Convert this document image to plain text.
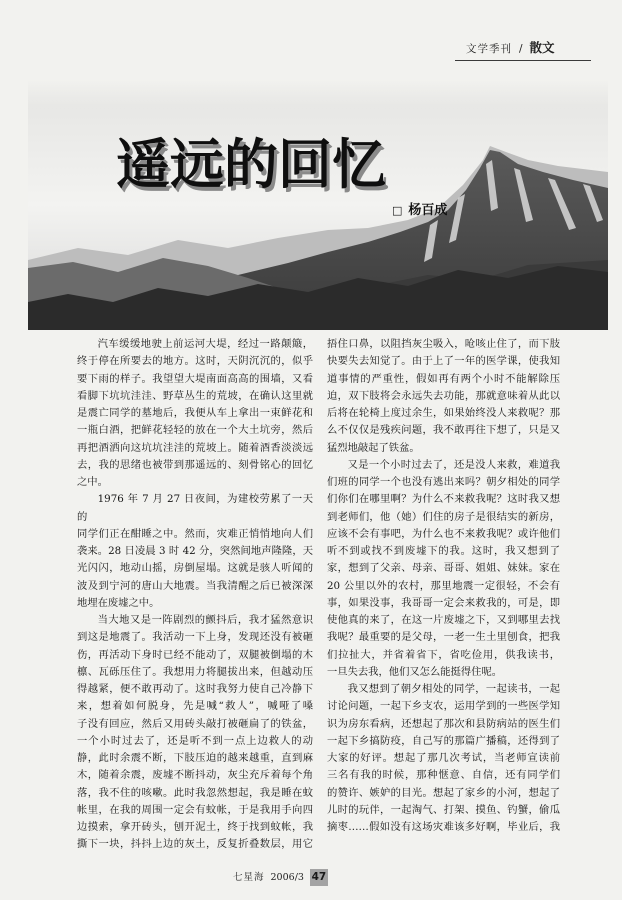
文学季刊 / 散文
遥远的回忆
□ 杨百成
汽车缓缓地驶上前运河大堤，经过一路颠簸，
终于停在所要去的地方。这时，天阴沉沉的，似乎
要下雨的样子。我望望大堤南面高高的围墙，又看
看脚下坑坑洼洼、野草丛生的荒坡，在确认这里就
是震亡同学的墓地后，我便从车上拿出一束鲜花和
一瓶白酒，把鲜花轻轻的放在一个大土坑旁，然后
再把酒洒向这坑坑洼洼的荒坡上。随着酒香淡淡远
去，我的思绪也被带到那遥远的、刻骨铭心的回忆
之中。
1976 年 7 月 27 日夜间，为建校劳累了一天的
同学们正在酣睡之中。然而，灾难正悄悄地向人们
袭来。28 日凌晨 3 时 42 分，突然间地声隆隆，天
光闪闪，地动山摇，房倒屋塌。这就是骇人听闻的
波及到宁河的唐山大地震。当我清醒之后已被深深
地埋在废墟之中。
当大地又是一阵剧烈的颤抖后，我才猛然意识
到这是地震了。我活动一下上身，发现还没有被砸
伤，再活动下身时已经不能动了，双腿被倒塌的木
檩、瓦砾压住了。我想用力将腿拔出来，但越动压
得越紧，便不敢再动了。这时我努力使自己冷静下
来，想着如何脱身，先是喊“救人”，喊哑了嗓
子没有回应，然后又用砖头敲打被砸扁了的铁盆，
一个小时过去了，还是听不到一点上边救人的动
静，此时余震不断，下肢压迫的越来越重，直到麻
木，随着余震，废墟不断抖动，灰尘充斥着每个角
落，我不住的咳嗽。此时我忽然想起，我是睡在蚊
帐里，在我的周围一定会有蚊帐，于是我用手向四
边摸索，拿开砖头，刨开泥土，终于找到蚊帐，我
撕下一块，抖抖上边的灰土，反复折叠数层，用它
捂住口鼻，以阻挡灰尘吸入，呛咳止住了，而下肢
快要失去知觉了。由于上了一年的医学课，使我知
道事情的严重性，假如再有两个小时不能解除压
迫，双下肢将会永远失去功能，那就意味着从此以
后将在轮椅上度过余生，如果始终没人来救呢？那
么不仅仅是残疾问题，我不敢再往下想了，只是又
猛烈地敲起了铁盆。
又是一个小时过去了，还是没人来救，难道我
们班的同学一个也没有逃出来吗？朝夕相处的同学
们你们在哪里啊？为什么不来救我呢？这时我又想
到老师们，他（她）们住的房子是很结实的新房，
应该不会有事吧，为什么也不来救我呢？或许他们
听不到或找不到废墟下的我。这时，我又想到了
家，想到了父亲、母亲、哥哥、姐姐、妹妹。家在
20 公里以外的农村，那里地震一定很轻，不会有
事，如果没事，我哥哥一定会来救我的，可是，即
使他真的来了，在这一片废墟之下，又到哪里去找
我呢？最重要的是父母，一老一生土里刨食，把我
们拉扯大，并省着省下，省吃俭用，供我读书，
一旦失去我，他们又怎么能挺得住呢。
我又想到了朝夕相处的同学，一起读书，一起
讨论问题，一起下乡支农，运用学到的一些医学知
识为房东看病，还想起了那次和县防病站的医生们
一起下乡搞防疫，自己写的那篇广播稿，还得到了
大家的好评。想起了那几次考试，当老师宣读前
三名有我的时候，那种惬意、自信，还有同学们
的赞许、嫉妒的目光。想起了家乡的小河，想起了
儿时的玩伴，一起淘气、打架、摸鱼、钓蟹，偷瓜
摘枣……假如没有这场灾难该多好啊，毕业后，我
七星海 2006/3 47
